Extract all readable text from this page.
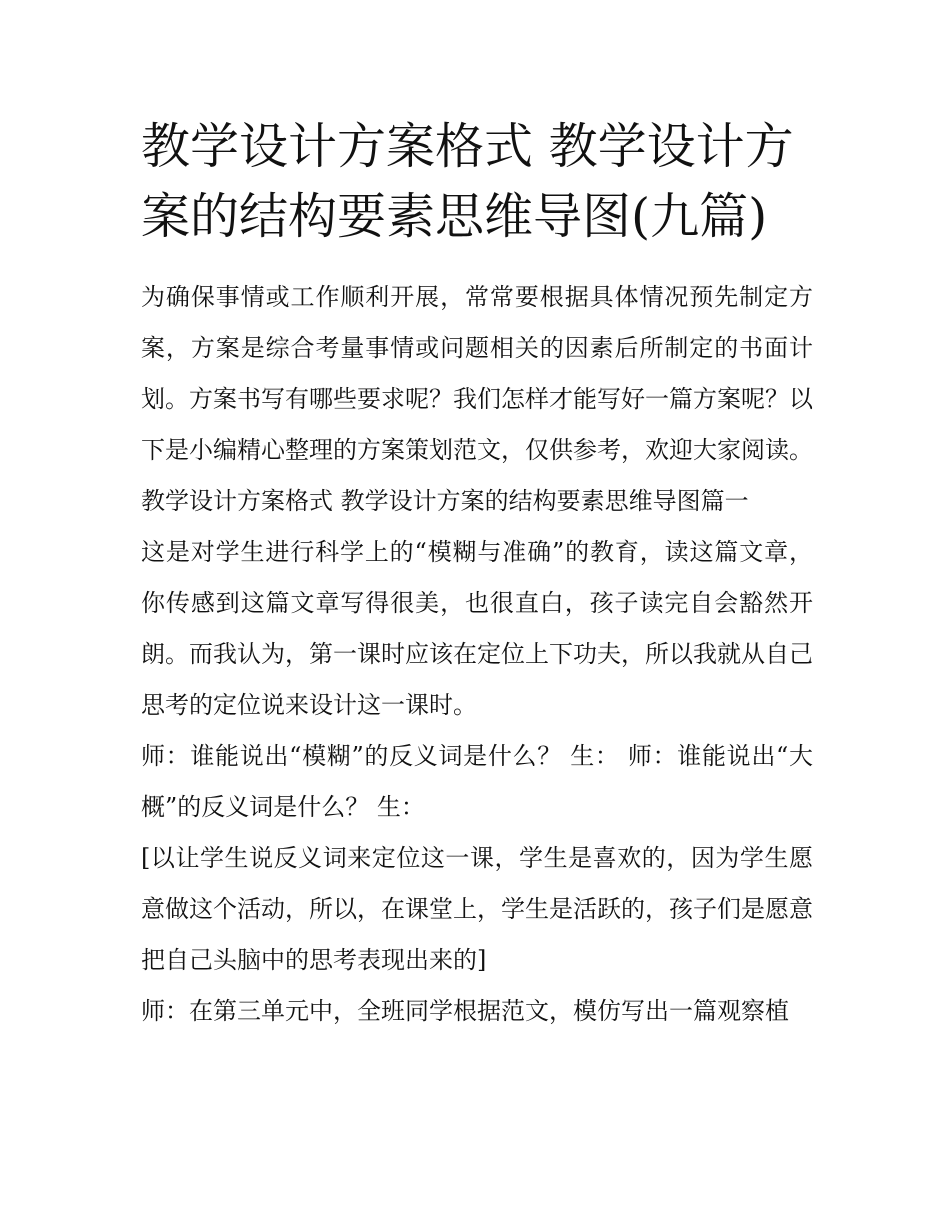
教学设计方案格式 教学设计方案的结构要素思维导图(九篇)

为确保事情或工作顺利开展，常常要根据具体情况预先制定方案，方案是综合考量事情或问题相关的因素后所制定的书面计划。方案书写有哪些要求呢？我们怎样才能写好一篇方案呢？以下是小编精心整理的方案策划范文，仅供参考，欢迎大家阅读。

教学设计方案格式 教学设计方案的结构要素思维导图篇一

这是对学生进行科学上的“模糊与准确”的教育，读这篇文章，你传感到这篇文章写得很美，也很直白，孩子读完自会豁然开朗。而我认为，第一课时应该在定位上下功夫，所以我就从自己思考的定位说来设计这一课时。

师：谁能说出“模糊”的反义词是什么？ 生： 师：谁能说出“大概”的反义词是什么？ 生：

[以让学生说反义词来定位这一课，学生是喜欢的，因为学生愿意做这个活动，所以，在课堂上，学生是活跃的，孩子们是愿意把自己头脑中的思考表现出来的]

师：在第三单元中，全班同学根据范文，模仿写出一篇观察植
